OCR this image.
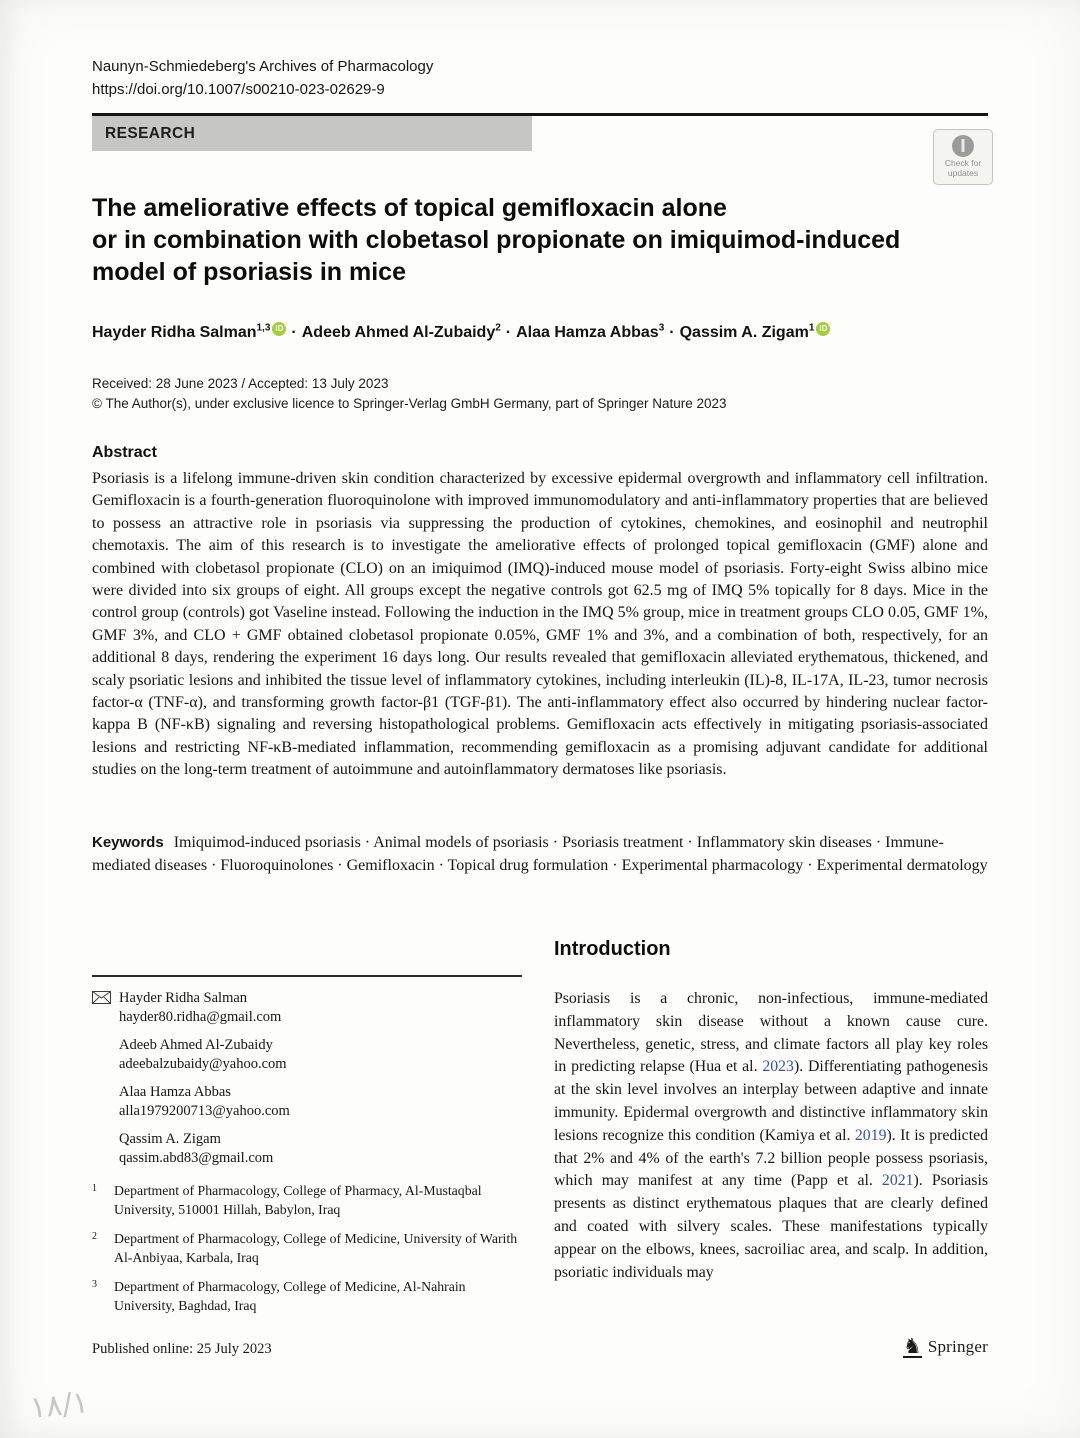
Naunyn-Schmiedeberg's Archives of Pharmacology
https://doi.org/10.1007/s00210-023-02629-9
RESEARCH
Check for
updates
The ameliorative effects of topical gemifloxacin alone
or in combination with clobetasol propionate on imiquimod-induced
model of psoriasis in mice
Hayder Ridha Salman$^{1,3}$ iD · Adeeb Ahmed Al-Zubaidy$^2$ · Alaa Hamza Abbas$^3$ · Qassim A. Zigam$^1$ iD
Received: 28 June 2023 / Accepted: 13 July 2023
© The Author(s), under exclusive licence to Springer-Verlag GmbH Germany, part of Springer Nature 2023
Abstract
Psoriasis is a lifelong immune-driven skin condition characterized by excessive epidermal overgrowth and inflammatory cell infiltration. Gemifloxacin is a fourth-generation fluoroquinolone with improved immunomodulatory and anti-inflammatory properties that are believed to possess an attractive role in psoriasis via suppressing the production of cytokines, chemokines, and eosinophil and neutrophil chemotaxis. The aim of this research is to investigate the ameliorative effects of prolonged topical gemifloxacin (GMF) alone and combined with clobetasol propionate (CLO) on an imiquimod (IMQ)-induced mouse model of psoriasis. Forty-eight Swiss albino mice were divided into six groups of eight. All groups except the negative controls got 62.5 mg of IMQ 5% topically for 8 days. Mice in the control group (controls) got Vaseline instead. Following the induction in the IMQ 5% group, mice in treatment groups CLO 0.05, GMF 1%, GMF 3%, and CLO + GMF obtained clobetasol propionate 0.05%, GMF 1% and 3%, and a combination of both, respectively, for an additional 8 days, rendering the experiment 16 days long. Our results revealed that gemifloxacin alleviated erythematous, thickened, and scaly psoriatic lesions and inhibited the tissue level of inflammatory cytokines, including interleukin (IL)-8, IL-17A, IL-23, tumor necrosis factor-α (TNF-α), and transforming growth factor-β1 (TGF-β1). The anti-inflammatory effect also occurred by hindering nuclear factor-kappa B (NF-κB) signaling and reversing histopathological problems. Gemifloxacin acts effectively in mitigating psoriasis-associated lesions and restricting NF-κB-mediated inflammation, recommending gemifloxacin as a promising adjuvant candidate for additional studies on the long-term treatment of autoimmune and autoinflammatory dermatoses like psoriasis.
Keywords Imiquimod-induced psoriasis · Animal models of psoriasis · Psoriasis treatment · Inflammatory skin diseases · Immune-mediated diseases · Fluoroquinolones · Gemifloxacin · Topical drug formulation · Experimental pharmacology · Experimental dermatology
Hayder Ridha Salman
hayder80.ridha@gmail.com
Adeeb Ahmed Al-Zubaidy
adeebalzubaidy@yahoo.com
Alaa Hamza Abbas
alla1979200713@yahoo.com
Qassim A. Zigam
qassim.abd83@gmail.com
1	Department of Pharmacology, College of Pharmacy, Al-Mustaqbal University, 510001 Hillah, Babylon, Iraq
2	Department of Pharmacology, College of Medicine, University of Warith Al-Anbiyaa, Karbala, Iraq
3	Department of Pharmacology, College of Medicine, Al-Nahrain University, Baghdad, Iraq
Introduction
Psoriasis is a chronic, non-infectious, immune-mediated inflammatory skin disease without a known cause cure. Nevertheless, genetic, stress, and climate factors all play key roles in predicting relapse (Hua et al. 2023). Differentiating pathogenesis at the skin level involves an interplay between adaptive and innate immunity. Epidermal overgrowth and distinctive inflammatory skin lesions recognize this condition (Kamiya et al. 2019). It is predicted that 2% and 4% of the earth's 7.2 billion people possess psoriasis, which may manifest at any time (Papp et al. 2021). Psoriasis presents as distinct erythematous plaques that are clearly defined and coated with silvery scales. These manifestations typically appear on the elbows, knees, sacroiliac area, and scalp. In addition, psoriatic individuals may
Published online: 25 July 2023	♞ Springer
١٨/١
